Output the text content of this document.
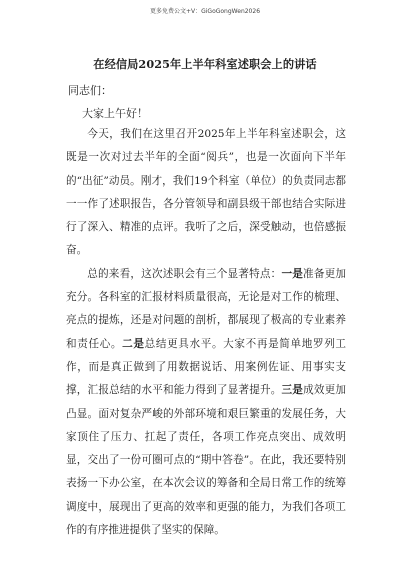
更多免费公文+V：GiGoGongWen2026
在经信局2025年上半年科室述职会上的讲话
同志们：
大家上午好！

今天，我们在这里召开2025年上半年科室述职会，这既是一次对过去半年的全面“阅兵”，也是一次面向下半年的“出征”动员。刚才，我们19个科室（单位）的负责同志都一一作了述职报告，各分管领导和副县级干部也结合实际进行了深入、精准的点评。我听了之后，深受触动，也倍感振奋。

总的来看，这次述职会有三个显著特点：一是准备更加充分。各科室的汇报材料质量很高，无论是对工作的梳理、亮点的提炼，还是对问题的剖析，都展现了极高的专业素养和责任心。二是总结更具水平。大家不再是简单地罗列工作，而是真正做到了用数据说话、用案例佐证、用事实支撑，汇报总结的水平和能力得到了显著提升。三是成效更加凸显。面对复杂严峻的外部环境和艰巨繁重的发展任务，大家顶住了压力、扛起了责任，各项工作亮点突出、成效明显，交出了一份可圈可点的“期中答卷”。在此，我还要特别表扬一下办公室，在本次会议的筹备和全局日常工作的统筹调度中，展现出了更高的效率和更强的能力，为我们各项工作的有序推进提供了坚实的保障。
